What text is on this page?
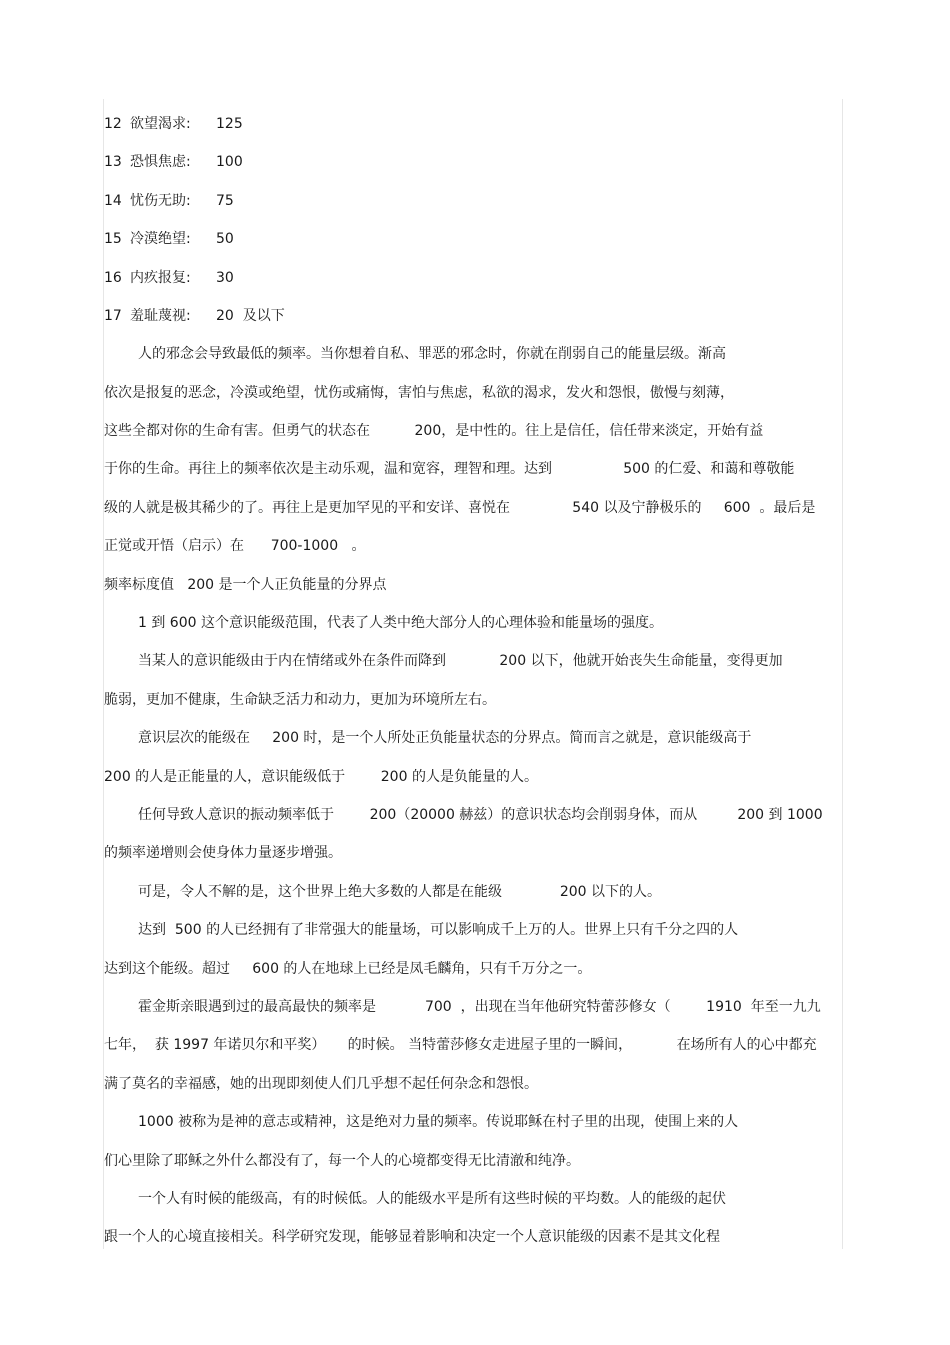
12 欲望渴求: 125
13 恐惧焦虑: 100
14 忧伤无助: 75
15 冷漠绝望: 50
16 内疚报复: 30
17 羞耻蔑视: 20  及以下
人的邪念会导致最低的频率。当你想着自私、罪恶的邪念时，你就在削弱自己的能量层级。渐高
依次是报复的恶念，冷漠或绝望，忧伤或痛悔，害怕与焦虑，私欲的渴求，发火和怨恨，傲慢与刻薄，
这些全都对你的生命有害。但勇气的状态在          200，是中性的。往上是信任，信任带来淡定，开始有益
于你的生命。再往上的频率依次是主动乐观，温和宽容，理智和理。达到                500 的仁爱、和蔼和尊敬能
级的人就是极其稀少的了。再往上是更加罕见的平和安详、喜悦在              540 以及宁静极乐的     600  。最后是
正觉或开悟（启示）在      700-1000   。
频率标度值   200 是一个人正负能量的分界点
1 到 600 这个意识能级范围，代表了人类中绝大部分人的心理体验和能量场的强度。
当某人的意识能级由于内在情绪或外在条件而降到            200 以下，他就开始丧失生命能量，变得更加
脆弱，更加不健康，生命缺乏活力和动力，更加为环境所左右。
意识层次的能级在     200 时，是一个人所处正负能量状态的分界点。简而言之就是，意识能级高于
200 的人是正能量的人，意识能级低于        200 的人是负能量的人。
任何导致人意识的振动频率低于        200（20000 赫兹）的意识状态均会削弱身体，而从         200 到 1000
的频率递增则会使身体力量逐步增强。
可是，令人不解的是，这个世界上绝大多数的人都是在能级             200 以下的人。
达到  500 的人已经拥有了非常强大的能量场，可以影响成千上万的人。世界上只有千分之四的人
达到这个能级。超过     600 的人在地球上已经是凤毛麟角，只有千万分之一。
霍金斯亲眼遇到过的最高最快的频率是           700  ，出现在当年他研究特蕾莎修女（        1910  年至一九九
七年，  获 1997 年诺贝尔和平奖）     的时候。 当特蕾莎修女走进屋子里的一瞬间，          在场所有人的心中都充
满了莫名的幸福感，她的出现即刻使人们几乎想不起任何杂念和怨恨。
1000 被称为是神的意志或精神，这是绝对力量的频率。传说耶稣在村子里的出现，使围上来的人
们心里除了耶稣之外什么都没有了，每一个人的心境都变得无比清澈和纯净。
一个人有时候的能级高，有的时候低。人的能级水平是所有这些时候的平均数。人的能级的起伏
跟一个人的心境直接相关。科学研究发现，能够显着影响和决定一个人意识能级的因素不是其文化程
